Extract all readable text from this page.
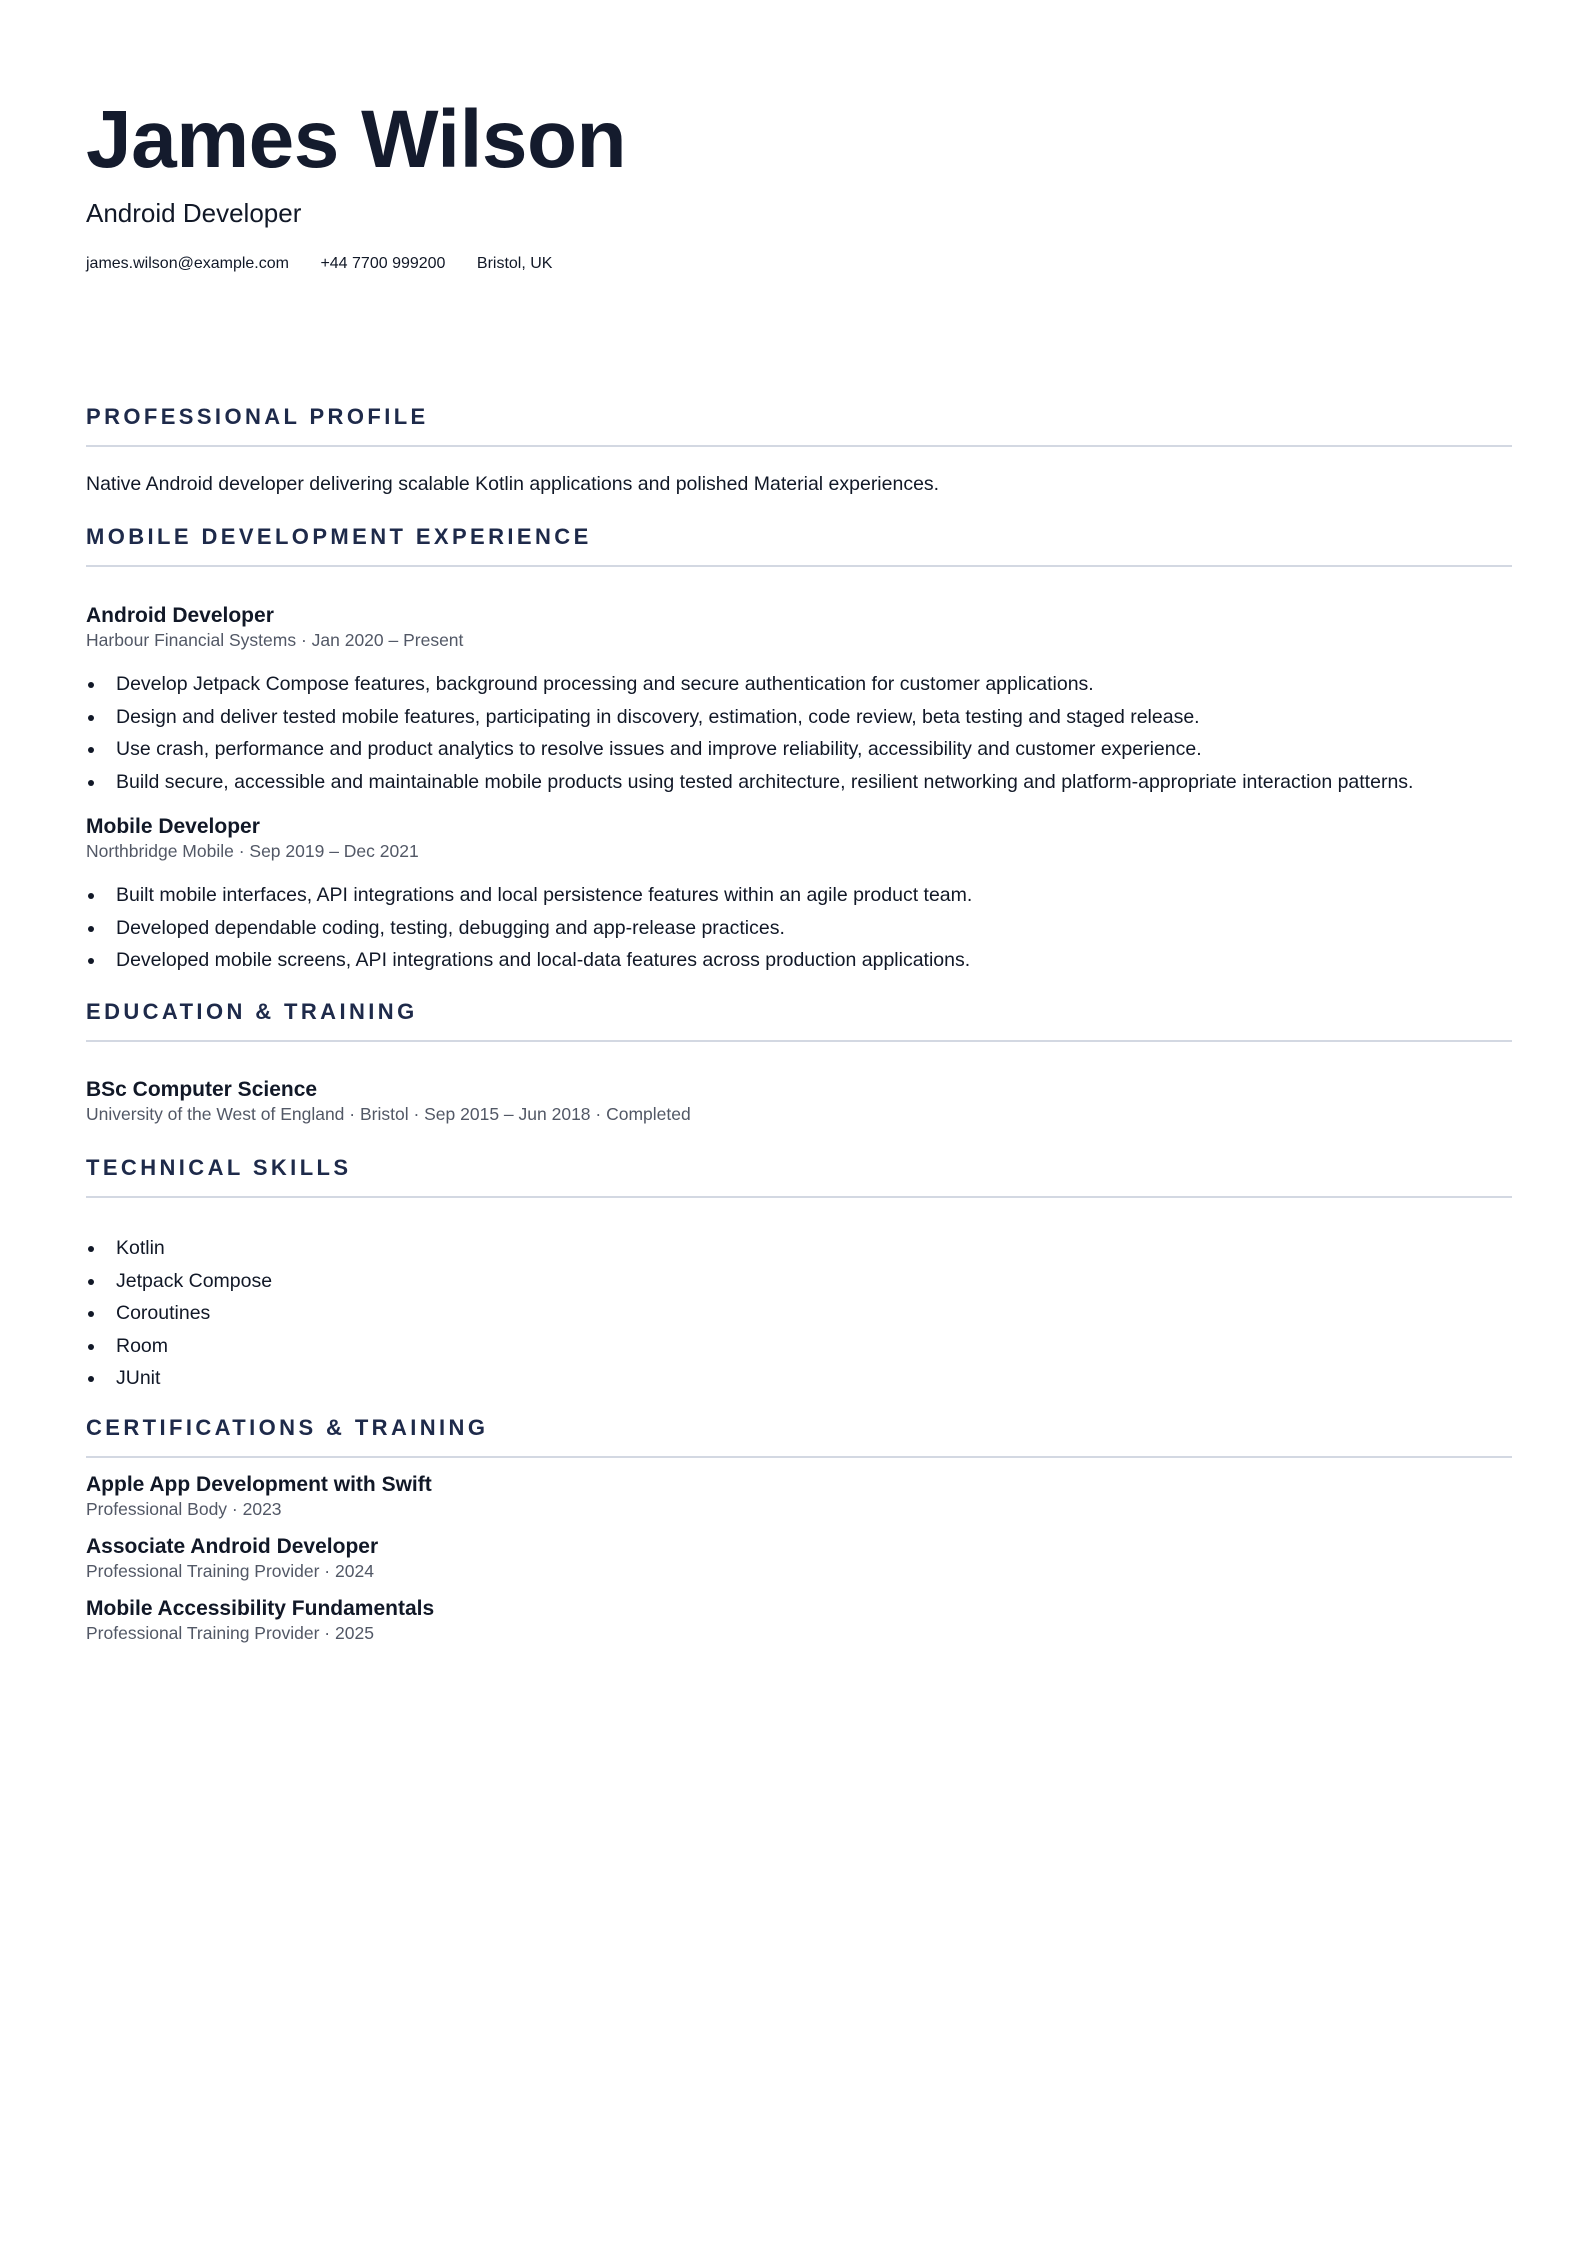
James Wilson

Android Developer

james.wilson@example.com +44 7700 999200 Bristol, UK
PROFESSIONAL PROFILE
Native Android developer delivering scalable Kotlin applications and polished Material experiences.
MOBILE DEVELOPMENT EXPERIENCE

Android Developer

Harbour Financial Systems · Jan 2020 – Present

Develop Jetpack Compose features, background processing and secure authentication for customer applications.
Design and deliver tested mobile features, participating in discovery, estimation, code review, beta testing and staged release.
Use crash, performance and product analytics to resolve issues and improve reliability, accessibility and customer experience.
Build secure, accessible and maintainable mobile products using tested architecture, resilient networking and platform-appropriate interaction patterns.

Mobile Developer

Northbridge Mobile · Sep 2019 – Dec 2021

Built mobile interfaces, API integrations and local persistence features within an agile product team.
Developed dependable coding, testing, debugging and app-release practices.
Developed mobile screens, API integrations and local-data features across production applications.
EDUCATION & TRAINING

BSc Computer Science

University of the West of England · Bristol · Sep 2015 – Jun 2018 · Completed

TECHNICAL SKILLS
Kotlin
Jetpack Compose
Coroutines
Room
JUnit
CERTIFICATIONS & TRAINING

Apple App Development with Swift

Professional Body · 2023

Associate Android Developer

Professional Training Provider · 2024

Mobile Accessibility Fundamentals

Professional Training Provider · 2025
